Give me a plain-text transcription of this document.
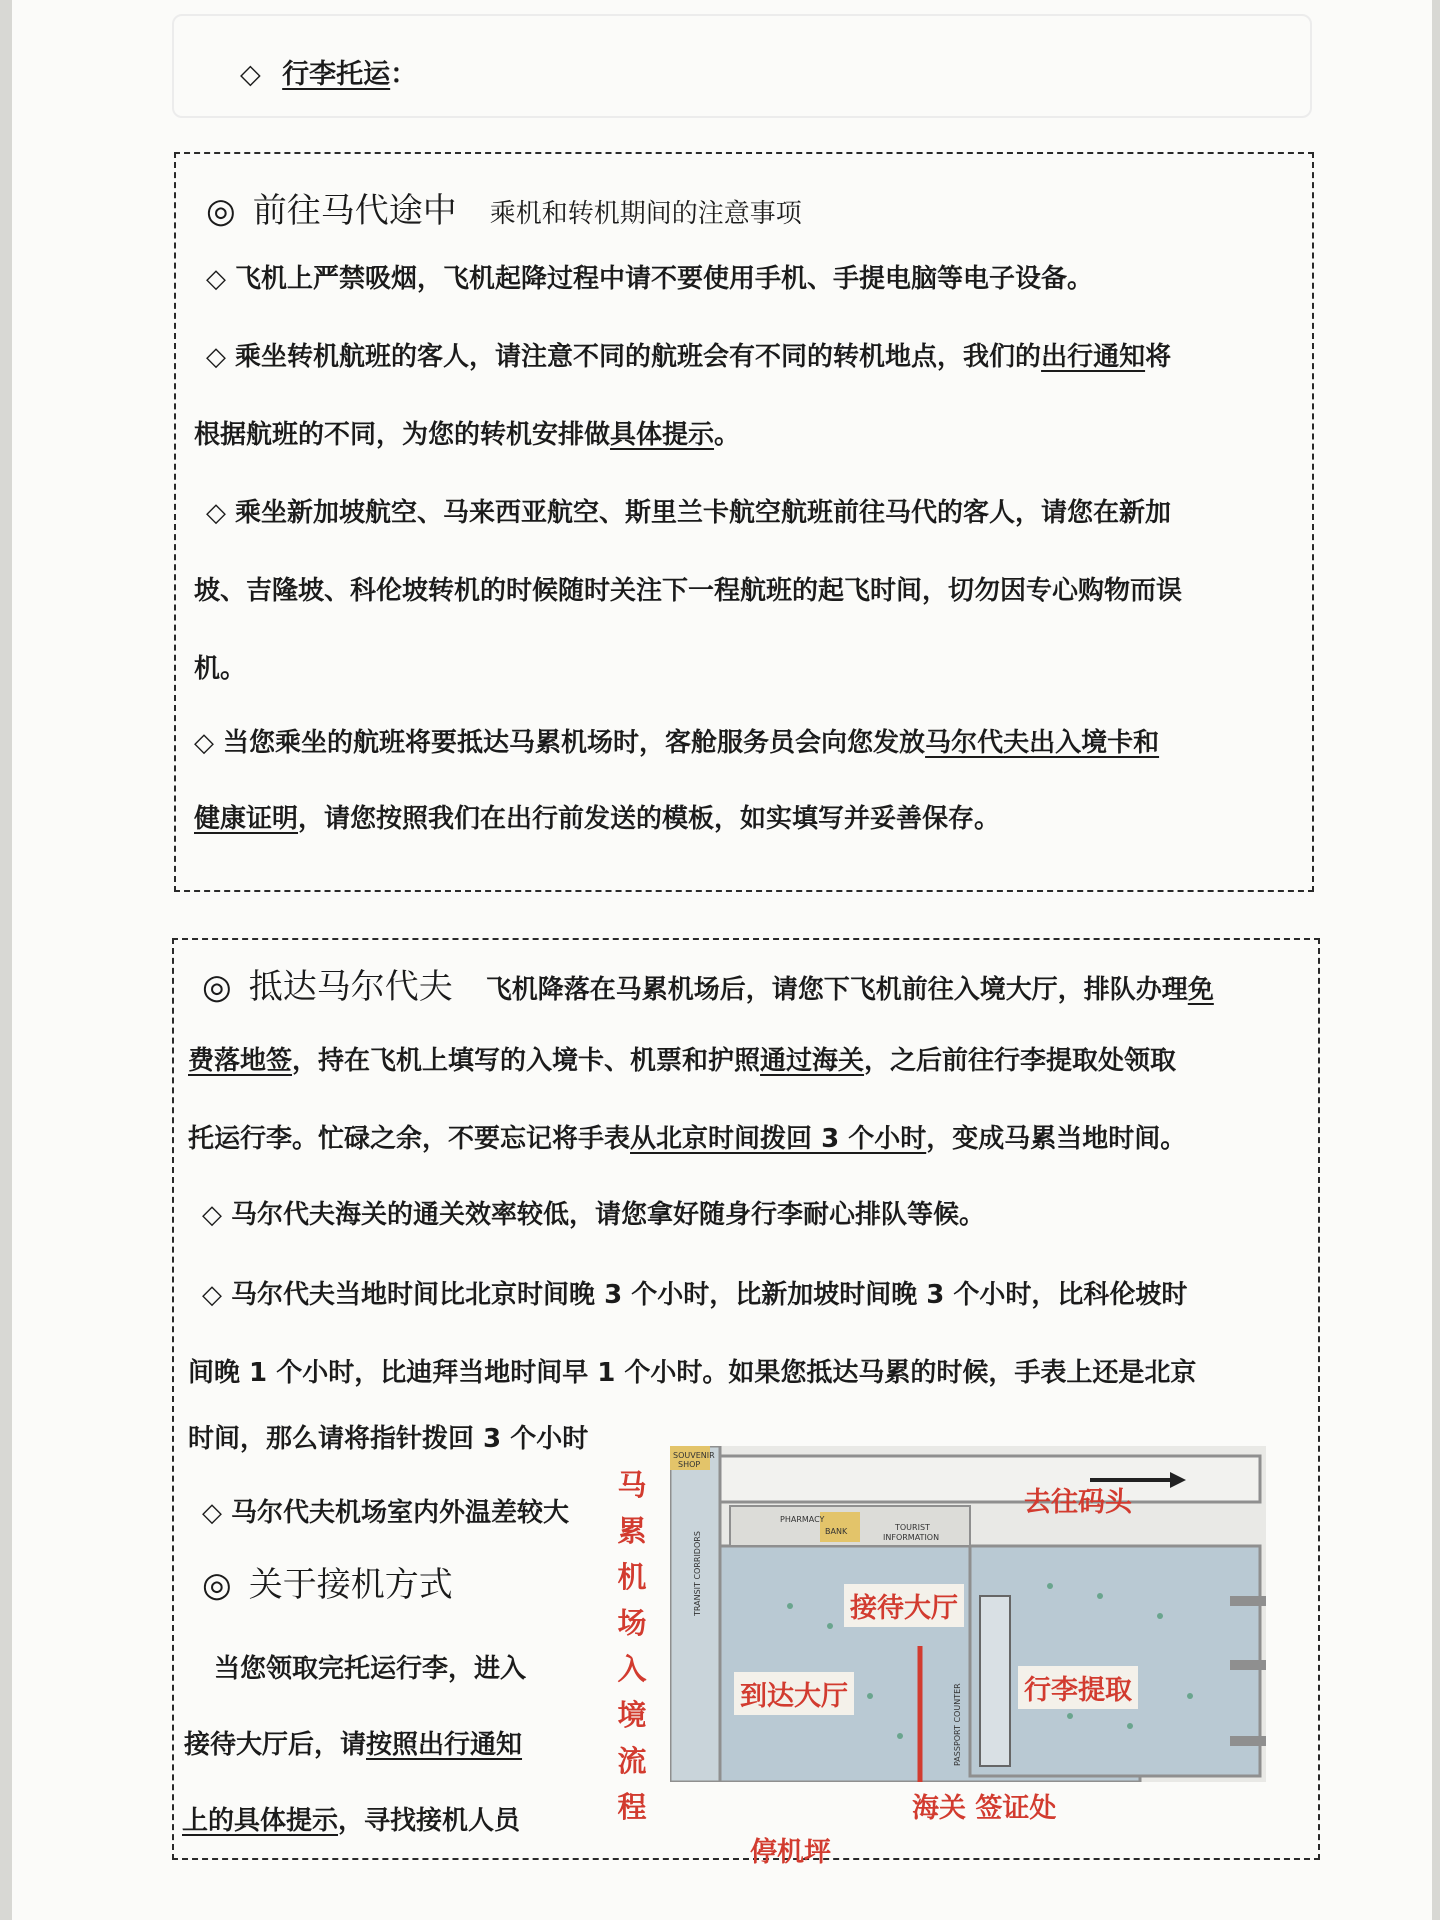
◇ 行李托运：
◎ 前往马代途中 乘机和转机期间的注意事项
◇ 飞机上严禁吸烟，飞机起降过程中请不要使用手机、手提电脑等电子设备。
◇ 乘坐转机航班的客人，请注意不同的航班会有不同的转机地点，我们的出行通知将
根据航班的不同，为您的转机安排做具体提示。
◇ 乘坐新加坡航空、马来西亚航空、斯里兰卡航空航班前往马代的客人，请您在新加
坡、吉隆坡、科伦坡转机的时候随时关注下一程航班的起飞时间，切勿因专心购物而误
机。
◇ 当您乘坐的航班将要抵达马累机场时，客舱服务员会向您发放马尔代夫出入境卡和
健康证明，请您按照我们在出行前发送的模板，如实填写并妥善保存。
◎ 抵达马尔代夫 飞机降落在马累机场后，请您下飞机前往入境大厅，排队办理免
费落地签，持在飞机上填写的入境卡、机票和护照通过海关，之后前往行李提取处领取
托运行李。忙碌之余，不要忘记将手表从北京时间拨回 3 个小时，变成马累当地时间。
◇ 马尔代夫海关的通关效率较低，请您拿好随身行李耐心排队等候。
◇ 马尔代夫当地时间比北京时间晚 3 个小时，比新加坡时间晚 3 个小时，比科伦坡时
间晚 1 个小时，比迪拜当地时间早 1 个小时。如果您抵达马累的时候，手表上还是北京
时间，那么请将指针拨回 3 个小时
◇ 马尔代夫机场室内外温差较大
◎ 关于接机方式
当您领取完托运行李，进入
接待大厅后，请按照出行通知
上的具体提示，寻找接机人员
马
累
机
场
入
境
流
程
SOUVENIR
SHOP
PHARMACY
BANK	TOURIST
INFORMATION
TRANSIT CORRIDORS
PASSPORT COUNTER
去往码头
接待大厅
到达大厅	行李提取
海关 签证处
停机坪
